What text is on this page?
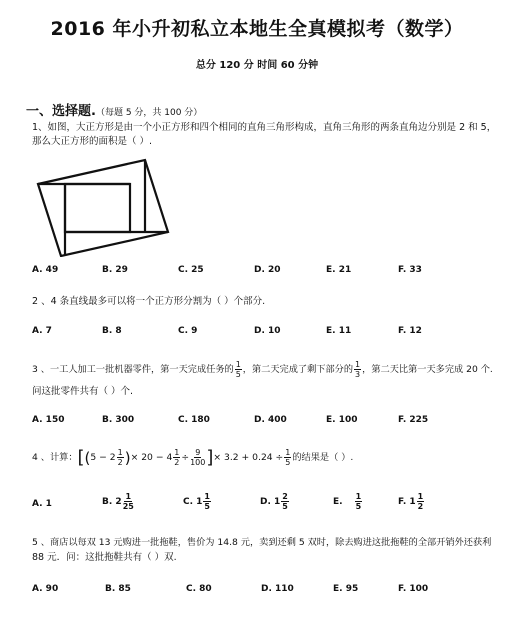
2016 年小升初私立本地生全真模拟考（数学）
总分 120 分 时间 60 分钟
一、选择题.（每题 5 分，共 100 分）
1、如图，大正方形是由一个小正方形和四个相同的直角三角形构成，直角三角形的两条直角边分别是 2 和 5，
那么大正方形的面积是（ ）.
A. 49	B. 29	C. 25	D. 20	E. 21	F. 33
2 、4 条直线最多可以将一个正方形分割为（ ）个部分.
A. 7	B. 8	C. 9	D. 10	E. 11	F. 12
3 、一工人加工一批机器零件，第一天完成任务的 $\frac{1}{5}$ ，第二天完成了剩下部分的 $\frac{1}{3}$ ，第二天比第一天多完成 20 个.
问这批零件共有（ ）个.
A. 150	B. 300	C. 180	D. 400	E. 100	F. 225
4 、计算：[($5 - 2 \frac{1}{2}$ )× $20 - 4 \frac{1}{2} \div \frac{9}{100}$ ]× $3.2 + 0.24 \div \frac{1}{5}$ 的结果是（ ）.
A. 1	B. $2 \frac{1}{25}$	C. $1 \frac{1}{5}$	D. $1 \frac{2}{5}$	E. $\frac{1}{5}$	F. $1 \frac{1}{2}$
5 、商店以每双 13 元购进一批拖鞋，售价为 14.8 元，卖到还剩 5 双时，除去购进这批拖鞋的全部开销外还获利
88 元．问：这批拖鞋共有（ ）双.
A. 90	B. 85	C. 80	D. 110	E. 95	F. 100
